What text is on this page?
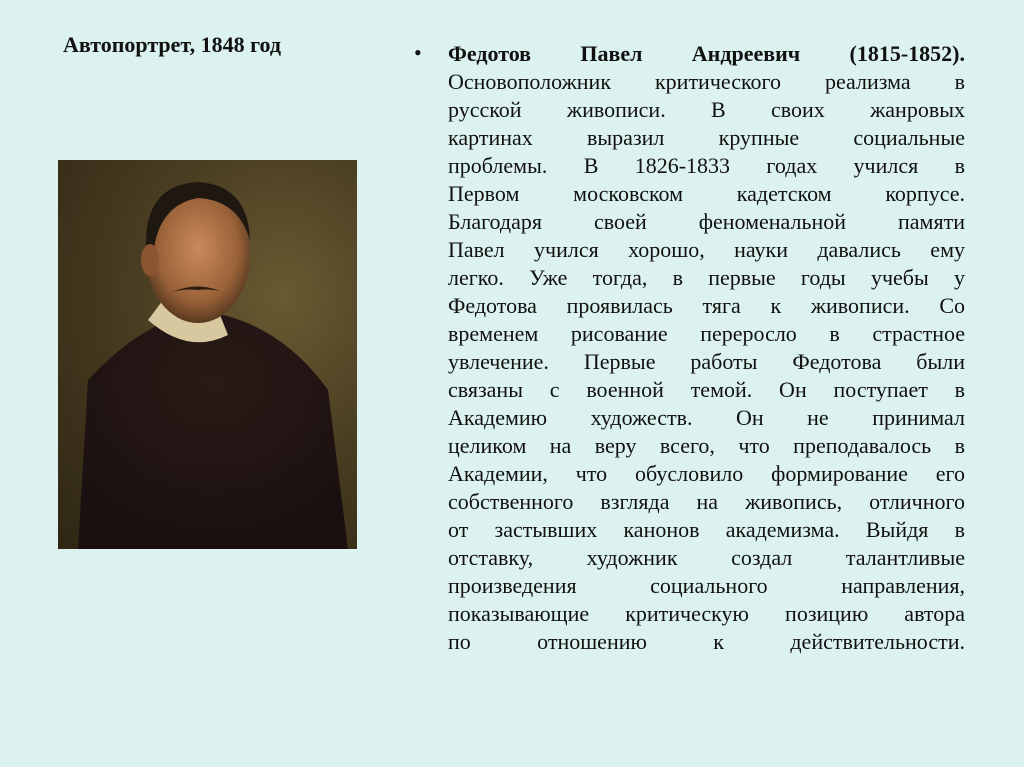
Автопортрет, 1848 год	• Федотов Павел Андреевич (1815-1852).
Основоположник критического реализма в
русской живописи. В своих жанровых
картинах выразил крупные социальные
проблемы. В 1826-1833 годах учился в
Первом московском кадетском корпусе.
Благодаря своей феноменальной памяти
Павел учился хорошо, науки давались ему
легко. Уже тогда, в первые годы учебы у
Федотова проявилась тяга к живописи. Со
временем рисование переросло в страстное
увлечение. Первые работы Федотова были
связаны с военной темой. Он поступает в
Академию художеств. Он не принимал
целиком на веру всего, что преподавалось в
Академии, что обусловило формирование его
собственного взгляда на живопись, отличного
от застывших канонов академизма. Выйдя в
отставку, художник создал талантливые
произведения социального направления,
показывающие критическую позицию автора
по отношению к действительности.
